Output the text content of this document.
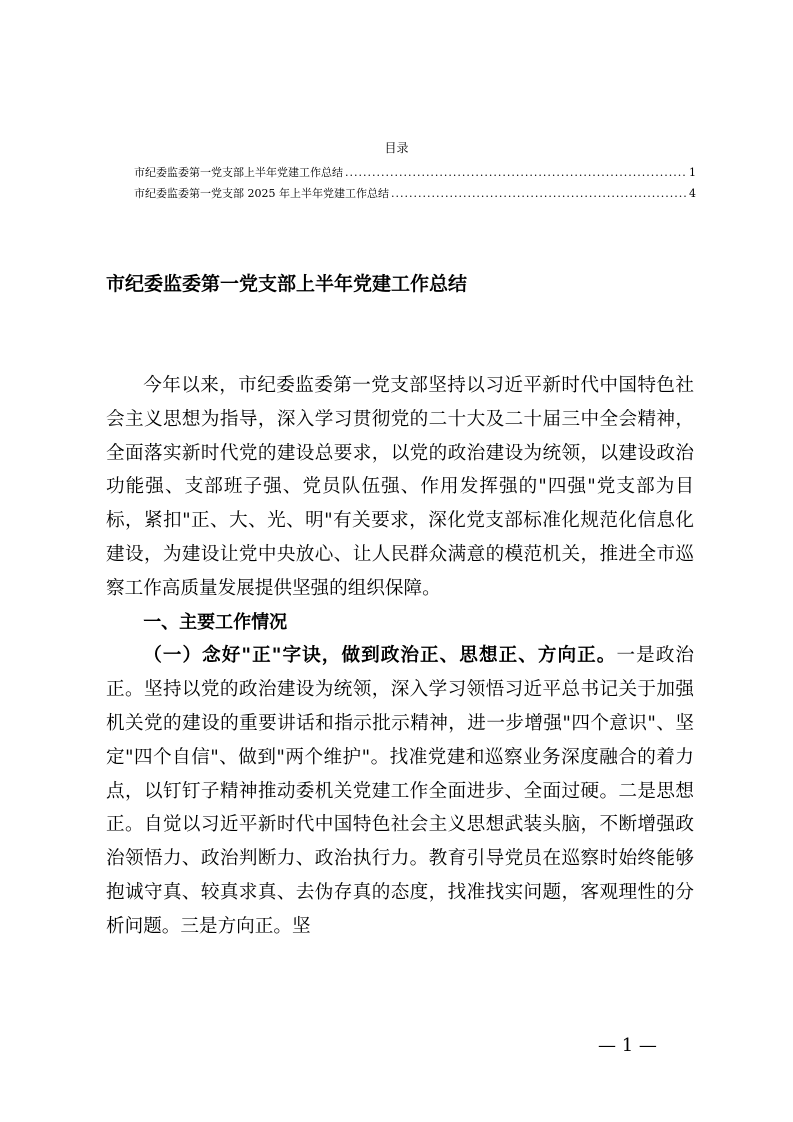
目录
市纪委监委第一党支部上半年党建工作总结 .....	1
市纪委监委第一党支部 2025 年上半年党建工作总结 .....	4
市纪委监委第一党支部上半年党建工作总结

今年以来，市纪委监委第一党支部坚持以习近平新时代中国特色社会主义思想为指导，深入学习贯彻党的二十大及二十届三中全会精神，全面落实新时代党的建设总要求，以党的政治建设为统领，以建设政治功能强、支部班子强、党员队伍强、作用发挥强的"四强"党支部为目标，紧扣"正、大、光、明"有关要求，深化党支部标准化规范化信息化建设，为建设让党中央放心、让人民群众满意的模范机关，推进全市巡察工作高质量发展提供坚强的组织保障。

一、主要工作情况

（一）念好"正"字诀，做到政治正、思想正、方向正。一是政治正。坚持以党的政治建设为统领，深入学习领悟习近平总书记关于加强机关党的建设的重要讲话和指示批示精神，进一步增强"四个意识"、坚定"四个自信"、做到"两个维护"。找准党建和巡察业务深度融合的着力点，以钉钉子精神推动委机关党建工作全面进步、全面过硬。二是思想正。自觉以习近平新时代中国特色社会主义思想武装头脑，不断增强政治领悟力、政治判断力、政治执行力。教育引导党员在巡察时始终能够抱诚守真、较真求真、去伪存真的态度，找准找实问题，客观理性的分析问题。三是方向正。坚

— 1 —
